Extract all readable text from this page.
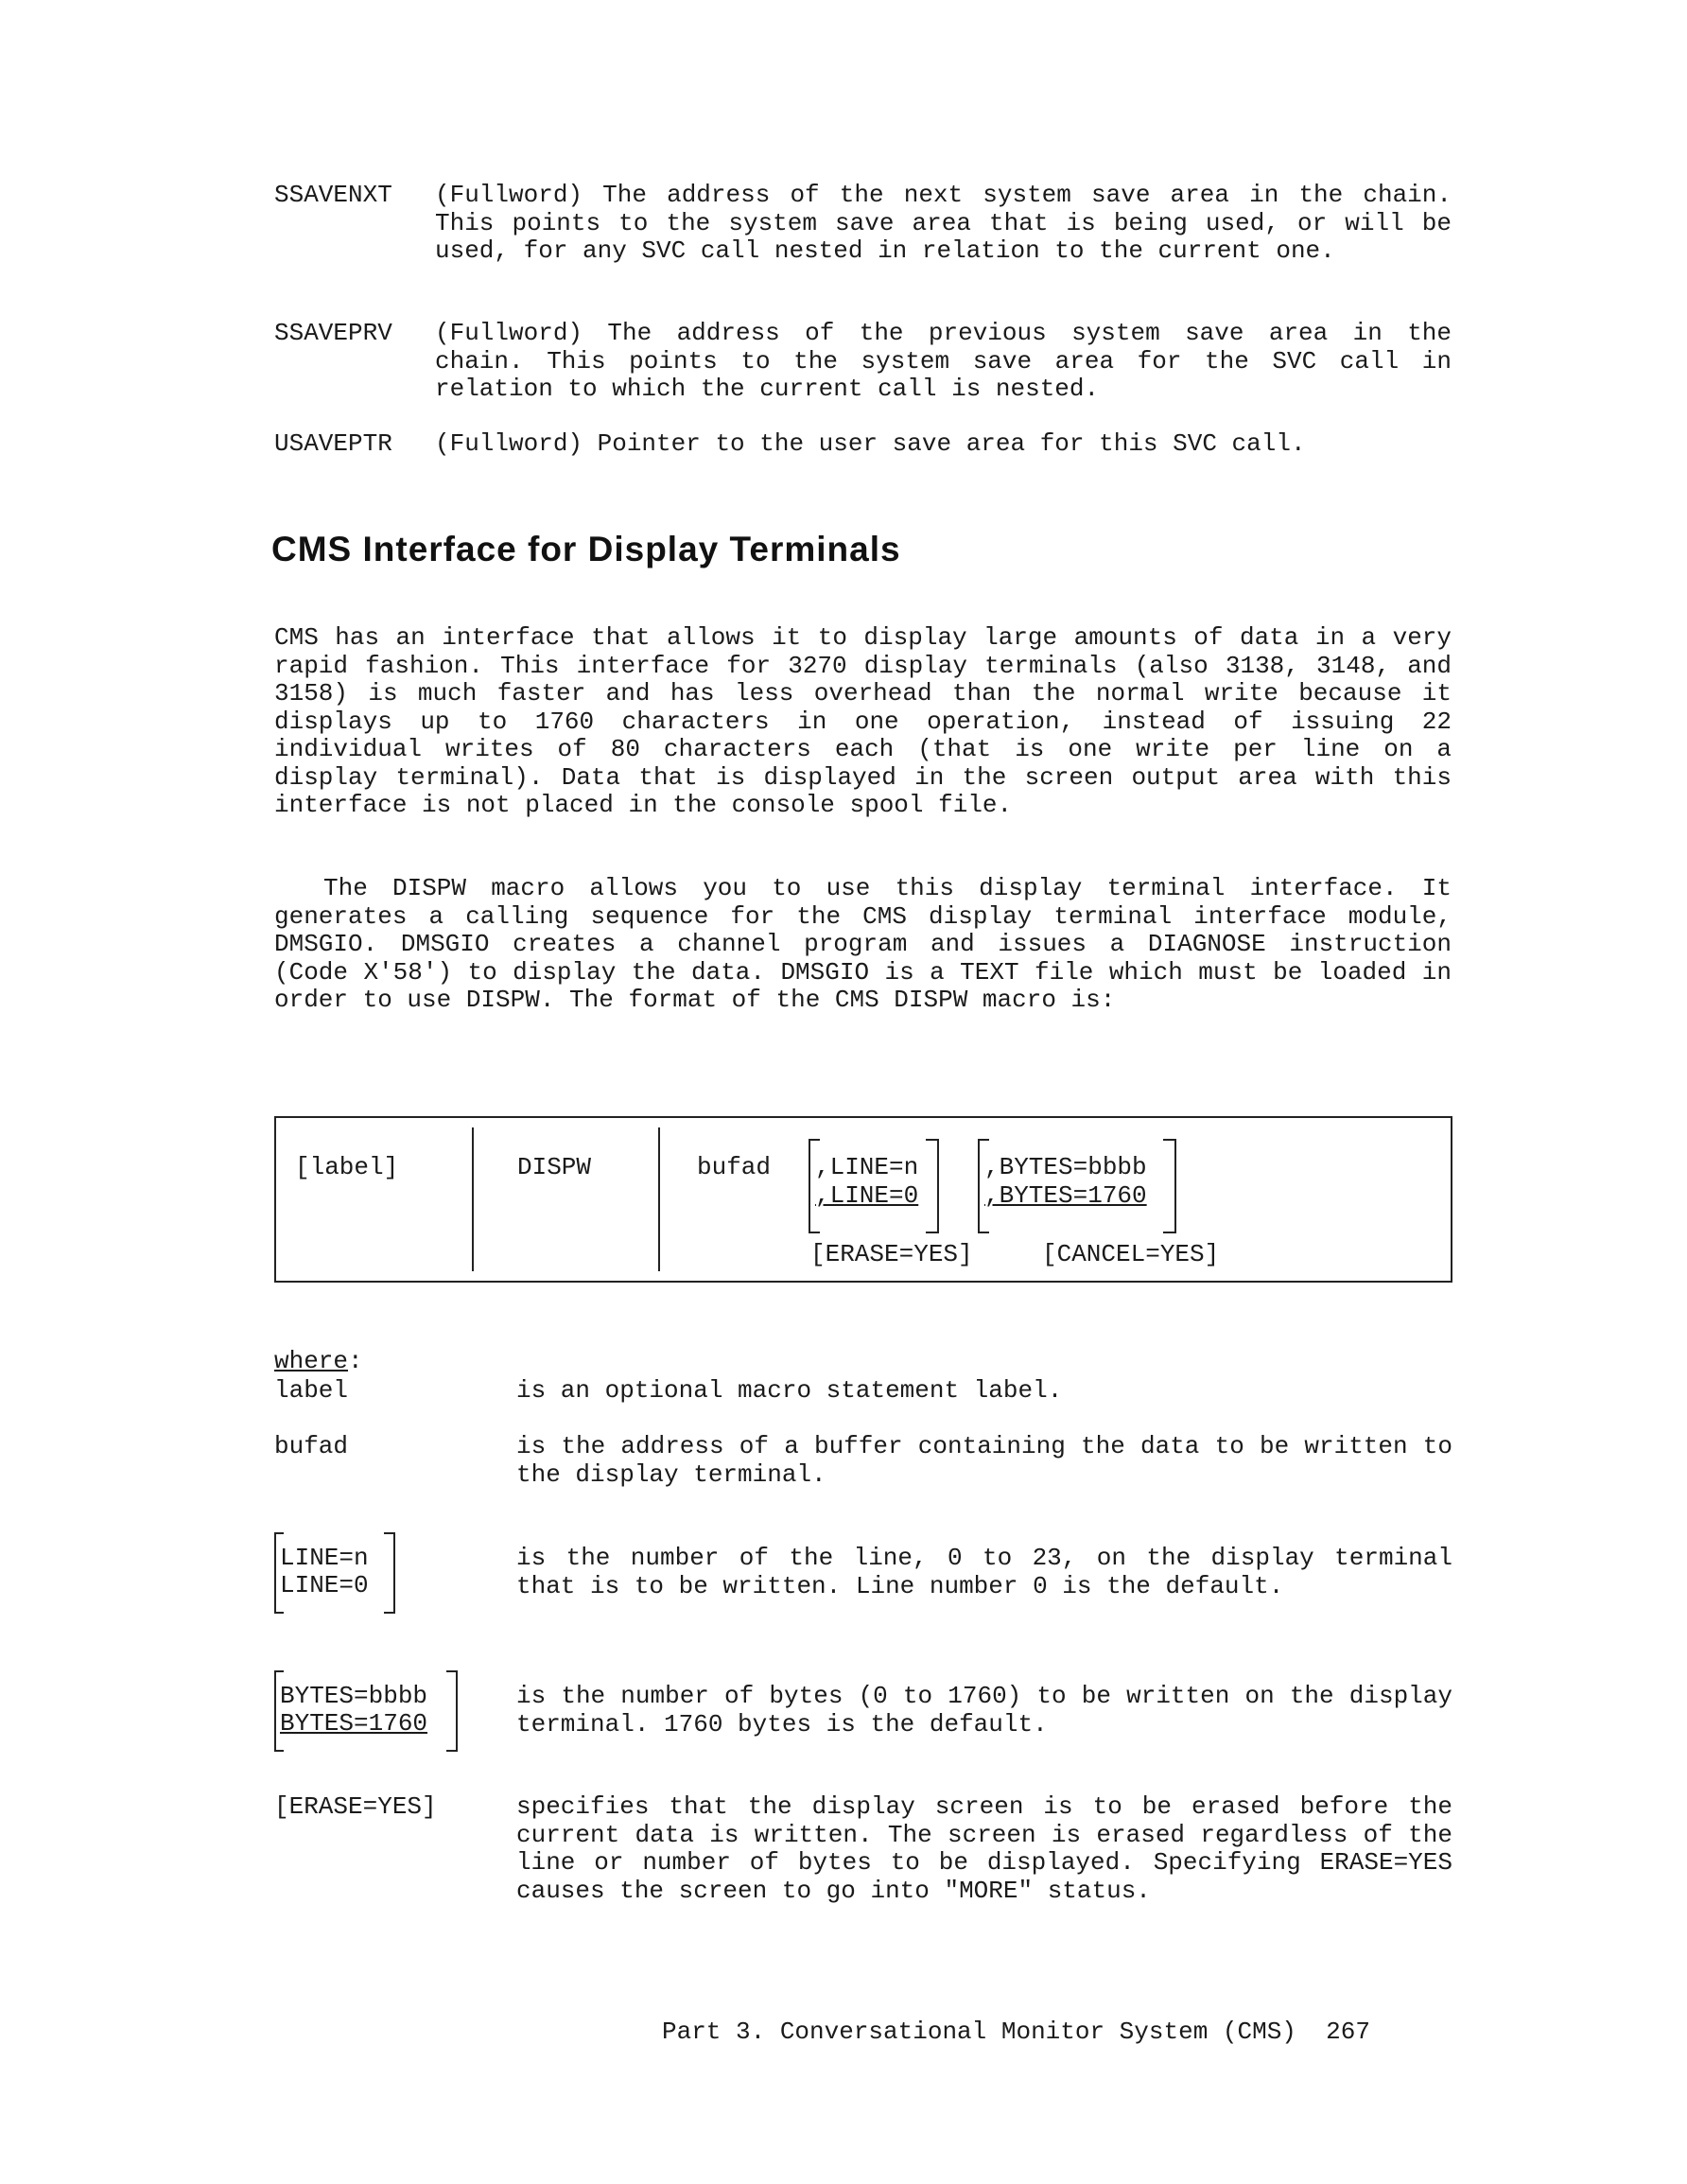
SSAVENXT (Fullword) The address of the next system save area in the chain. This points to the system save area that is being used, or will be used, for any SVC call nested in relation to the current one.
SSAVEPRV (Fullword) The address of the previous system save area in the chain. This points to the system save area for the SVC call in relation to which the current call is nested.
USAVEPTR (Fullword) Pointer to the user save area for this SVC call.
CMS Interface for Display Terminals
CMS has an interface that allows it to display large amounts of data in a very rapid fashion. This interface for 3270 display terminals (also 3138, 3148, and 3158) is much faster and has less overhead than the normal write because it displays up to 1760 characters in one operation, instead of issuing 22 individual writes of 80 characters each (that is one write per line on a display terminal). Data that is displayed in the screen output area with this interface is not placed in the console spool file.
The DISPW macro allows you to use this display terminal interface. It generates a calling sequence for the CMS display terminal interface module, DMSGIO. DMSGIO creates a channel program and issues a DIAGNOSE instruction (Code X'58') to display the data. DMSGIO is a TEXT file which must be loaded in order to use DISPW. The format of the CMS DISPW macro is:
[label]	DISPW	bufad ,LINE=n
,LINE=0
,BYTES=bbbb
,BYTES=1760
[ERASE=YES]	[CANCEL=YES]
where:
label	is an optional macro statement label.
bufad	is the address of a buffer containing the data to be written to the display terminal.
LINE=n
LINE=0
is the number of the line, 0 to 23, on the display terminal that is to be written. Line number 0 is the default.
BYTES=bbbb
BYTES=1760
is the number of bytes (0 to 1760) to be written on the display terminal. 1760 bytes is the default.
[ERASE=YES]	specifies that the display screen is to be erased before the current data is written. The screen is erased regardless of the line or number of bytes to be displayed. Specifying ERASE=YES causes the screen to go into "MORE" status.
Part 3. Conversational Monitor System (CMS) 267
